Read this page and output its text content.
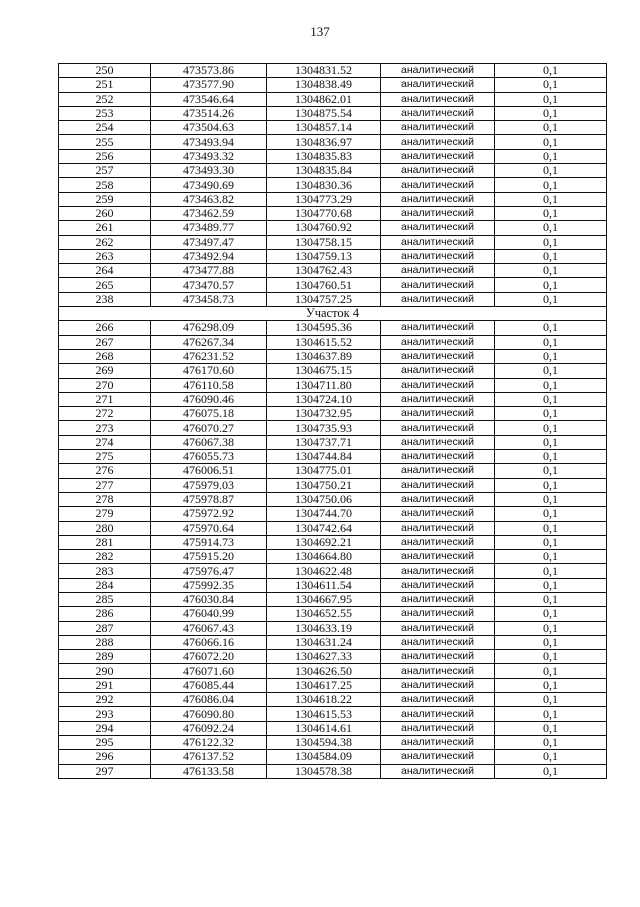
137
250	473573.86	1304831.52	аналитический	0,1
251	473577.90	1304838.49	аналитический	0,1
252	473546.64	1304862.01	аналитический	0,1
253	473514.26	1304875.54	аналитический	0,1
254	473504.63	1304857.14	аналитический	0,1
255	473493.94	1304836.97	аналитический	0,1
256	473493.32	1304835.83	аналитический	0,1
257	473493.30	1304835.84	аналитический	0,1
258	473490.69	1304830.36	аналитический	0,1
259	473463.82	1304773.29	аналитический	0,1
260	473462.59	1304770.68	аналитический	0,1
261	473489.77	1304760.92	аналитический	0,1
262	473497.47	1304758.15	аналитический	0,1
263	473492.94	1304759.13	аналитический	0,1
264	473477.88	1304762.43	аналитический	0,1
265	473470.57	1304760.51	аналитический	0,1
238	473458.73	1304757.25	аналитический	0,1
Участок 4				
266	476298.09	1304595.36	аналитический	0,1
267	476267.34	1304615.52	аналитический	0,1
268	476231.52	1304637.89	аналитический	0,1
269	476170.60	1304675.15	аналитический	0,1
270	476110.58	1304711.80	аналитический	0,1
271	476090.46	1304724.10	аналитический	0,1
272	476075.18	1304732.95	аналитический	0,1
273	476070.27	1304735.93	аналитический	0,1
274	476067.38	1304737.71	аналитический	0,1
275	476055.73	1304744.84	аналитический	0,1
276	476006.51	1304775.01	аналитический	0,1
277	475979.03	1304750.21	аналитический	0,1
278	475978.87	1304750.06	аналитический	0,1
279	475972.92	1304744.70	аналитический	0,1
280	475970.64	1304742.64	аналитический	0,1
281	475914.73	1304692.21	аналитический	0,1
282	475915.20	1304664.80	аналитический	0,1
283	475976.47	1304622.48	аналитический	0,1
284	475992.35	1304611.54	аналитический	0,1
285	476030.84	1304667.95	аналитический	0,1
286	476040.99	1304652.55	аналитический	0,1
287	476067.43	1304633.19	аналитический	0,1
288	476066.16	1304631.24	аналитический	0,1
289	476072.20	1304627.33	аналитический	0,1
290	476071.60	1304626.50	аналитический	0,1
291	476085.44	1304617.25	аналитический	0,1
292	476086.04	1304618.22	аналитический	0,1
293	476090.80	1304615.53	аналитический	0,1
294	476092.24	1304614.61	аналитический	0,1
295	476122.32	1304594.38	аналитический	0,1
296	476137.52	1304584.09	аналитический	0,1
297	476133.58	1304578.38	аналитический	0,1
